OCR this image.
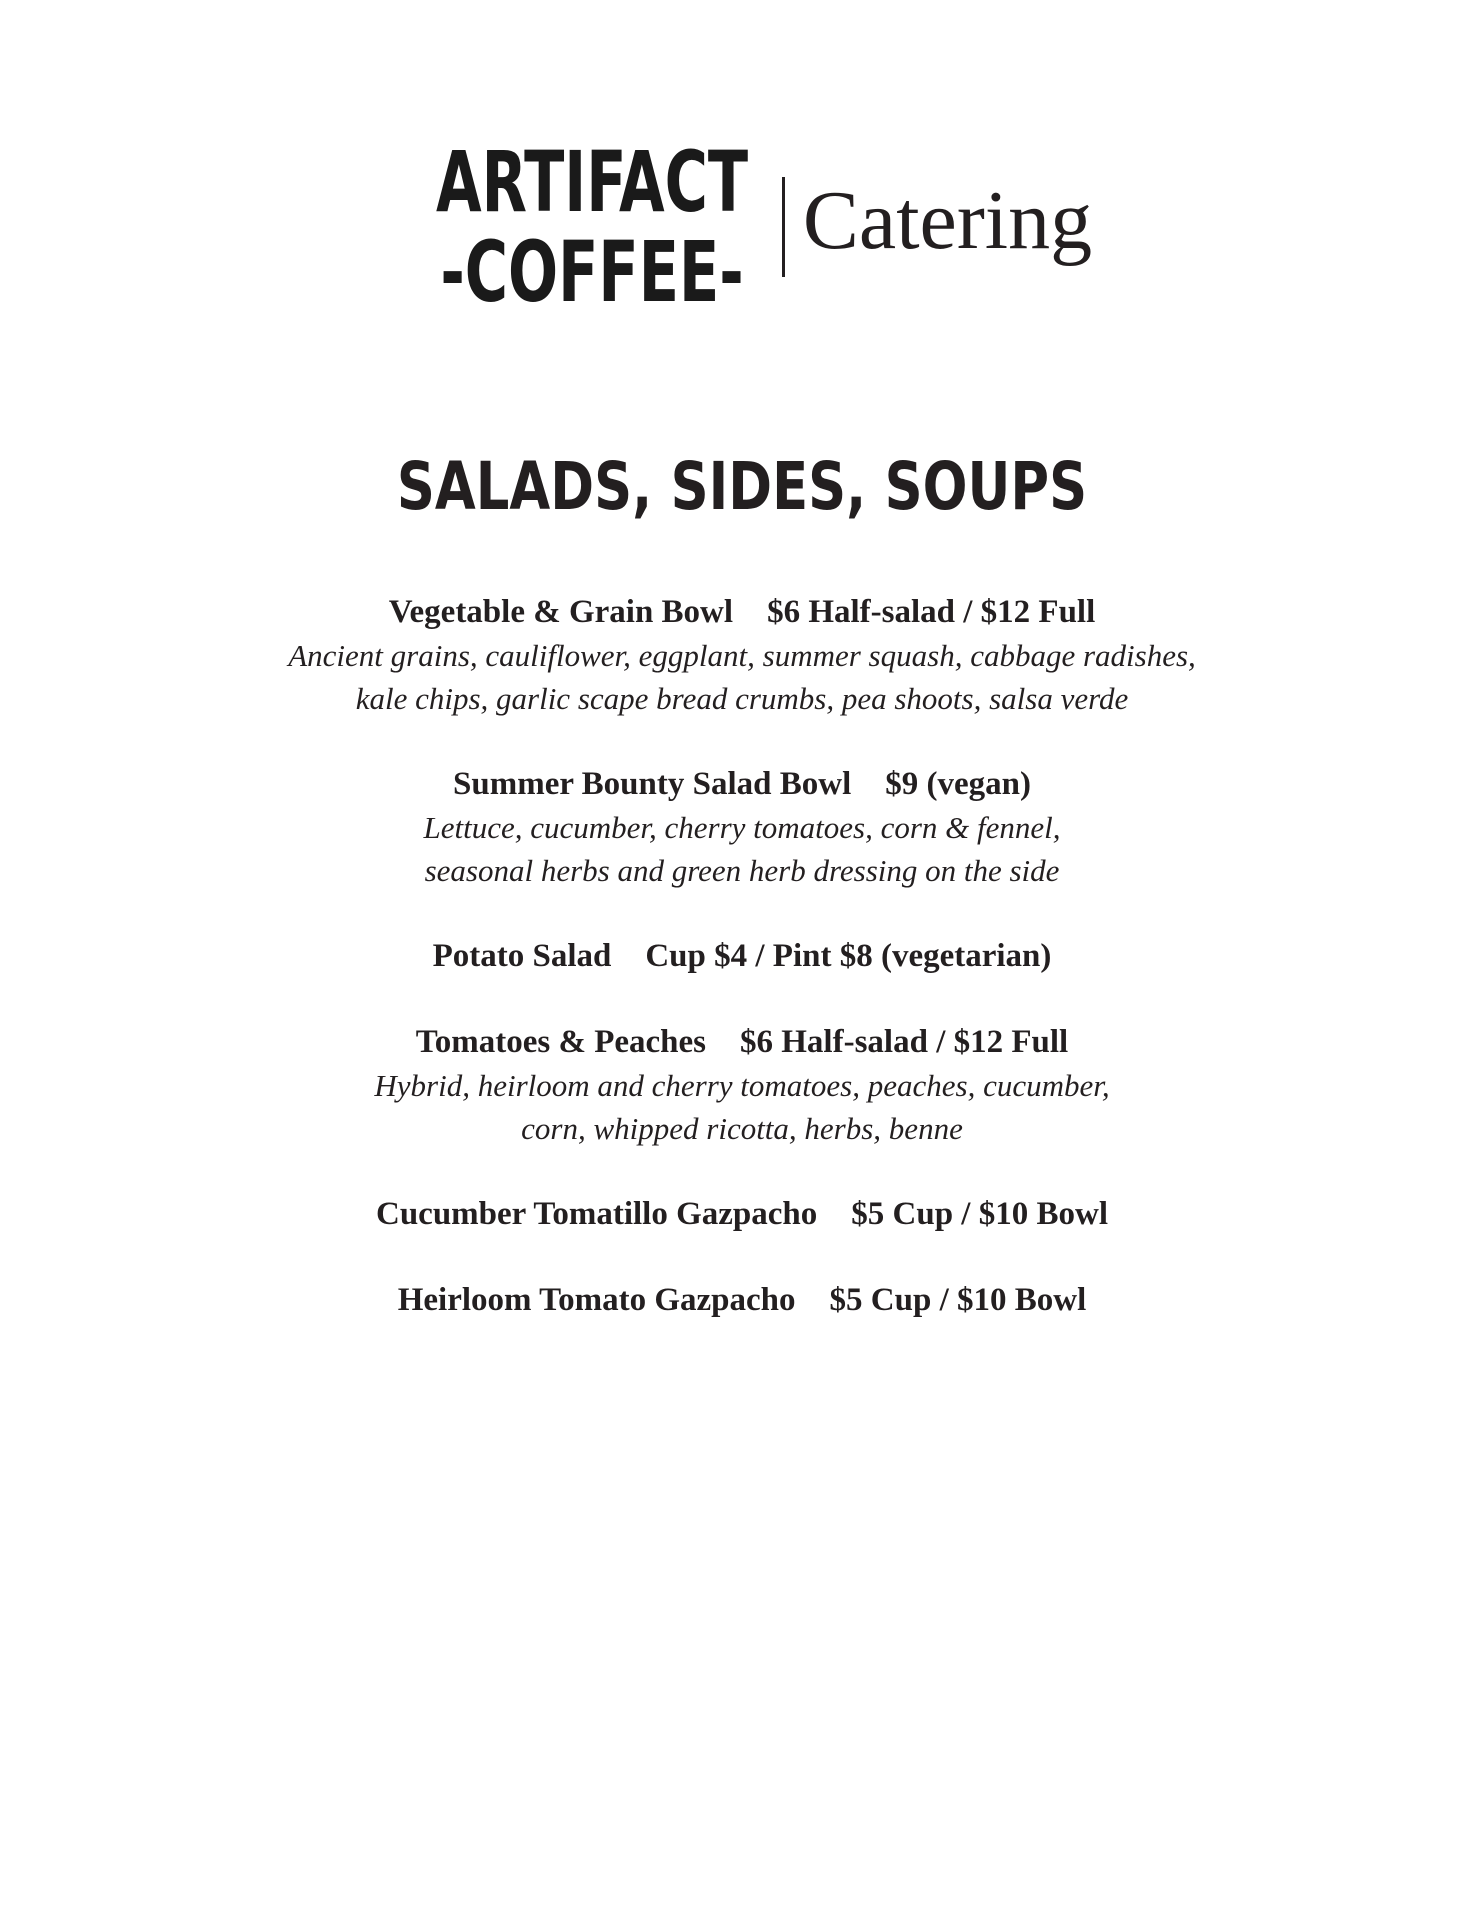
ARTIFACT
-COFFEE-
Catering
SALADS, SIDES, SOUPS
Vegetable & Grain Bowl $6 Half-salad / $12 Full
Ancient grains, cauliflower, eggplant, summer squash, cabbage radishes,
kale chips, garlic scape bread crumbs, pea shoots, salsa verde
Summer Bounty Salad Bowl $9 (vegan)
Lettuce, cucumber, cherry tomatoes, corn & fennel,
seasonal herbs and green herb dressing on the side
Potato Salad Cup $4 / Pint $8 (vegetarian)
Tomatoes & Peaches $6 Half-salad / $12 Full
Hybrid, heirloom and cherry tomatoes, peaches, cucumber,
corn, whipped ricotta, herbs, benne
Cucumber Tomatillo Gazpacho $5 Cup / $10 Bowl
Heirloom Tomato Gazpacho $5 Cup / $10 Bowl
